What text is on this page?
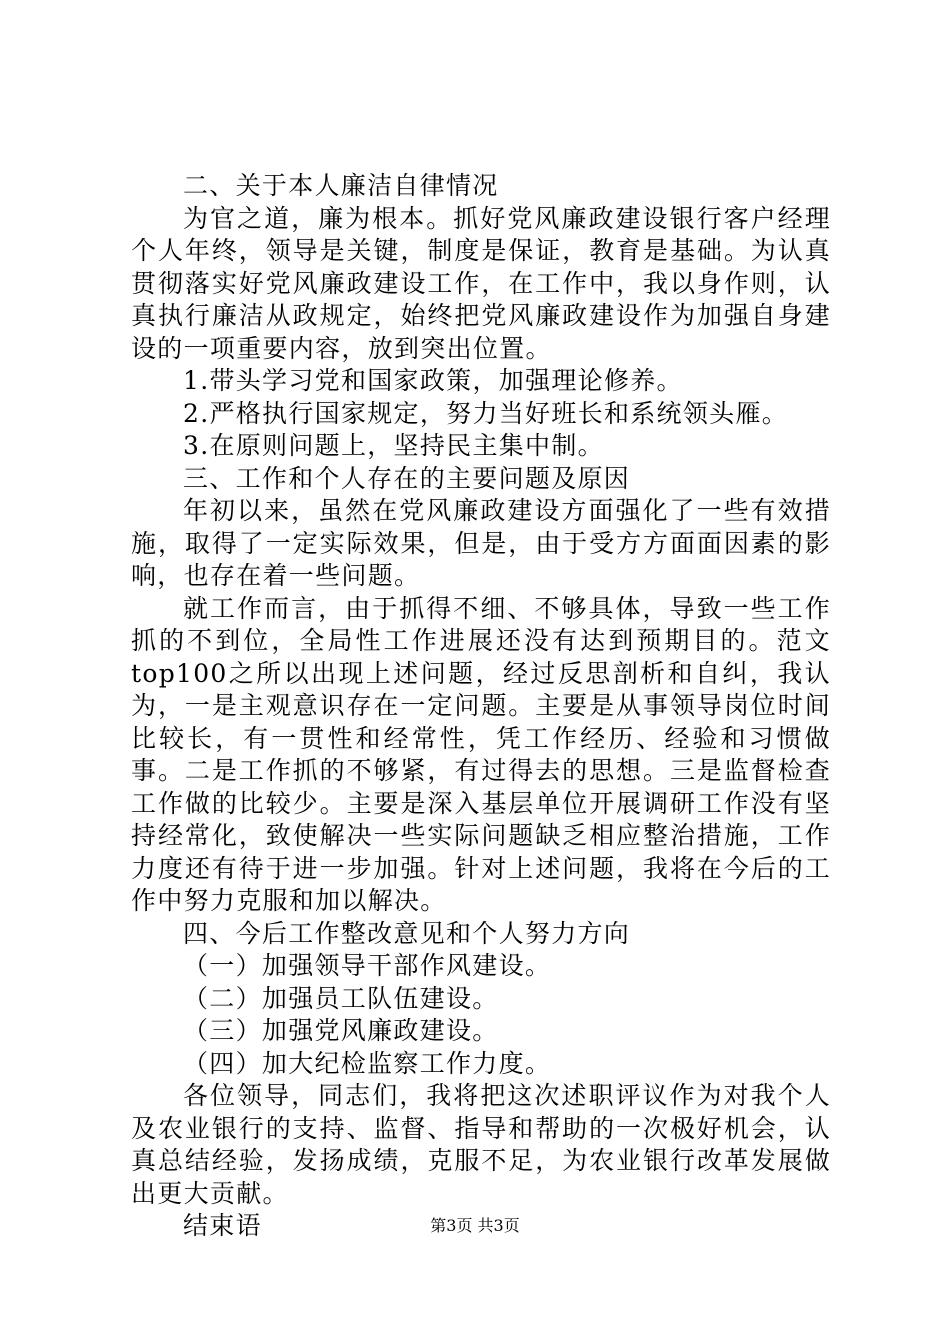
二、关于本人廉洁自律情况

为官之道，廉为根本。抓好党风廉政建设银行客户经理个人年终，领导是关键，制度是保证，教育是基础。为认真贯彻落实好党风廉政建设工作，在工作中，我以身作则，认真执行廉洁从政规定，始终把党风廉政建设作为加强自身建设的一项重要内容，放到突出位置。

1.带头学习党和国家政策，加强理论修养。

2.严格执行国家规定，努力当好班长和系统领头雁。

3.在原则问题上，坚持民主集中制。

三、工作和个人存在的主要问题及原因

年初以来，虽然在党风廉政建设方面强化了一些有效措施，取得了一定实际效果，但是，由于受方方面面因素的影响，也存在着一些问题。

就工作而言，由于抓得不细、不够具体，导致一些工作抓的不到位，全局性工作进展还没有达到预期目的。范文top100之所以出现上述问题，经过反思剖析和自纠，我认为，一是主观意识存在一定问题。主要是从事领导岗位时间比较长，有一贯性和经常性，凭工作经历、经验和习惯做事。二是工作抓的不够紧，有过得去的思想。三是监督检查工作做的比较少。主要是深入基层单位开展调研工作没有坚持经常化，致使解决一些实际问题缺乏相应整治措施，工作力度还有待于进一步加强。针对上述问题，我将在今后的工作中努力克服和加以解决。

四、今后工作整改意见和个人努力方向

（一）加强领导干部作风建设。

（二）加强员工队伍建设。

（三）加强党风廉政建设。

（四）加大纪检监察工作力度。

各位领导，同志们，我将把这次述职评议作为对我个人及农业银行的支持、监督、指导和帮助的一次极好机会，认真总结经验，发扬成绩，克服不足，为农业银行改革发展做出更大贡献。

结束语	第3页 共3页
